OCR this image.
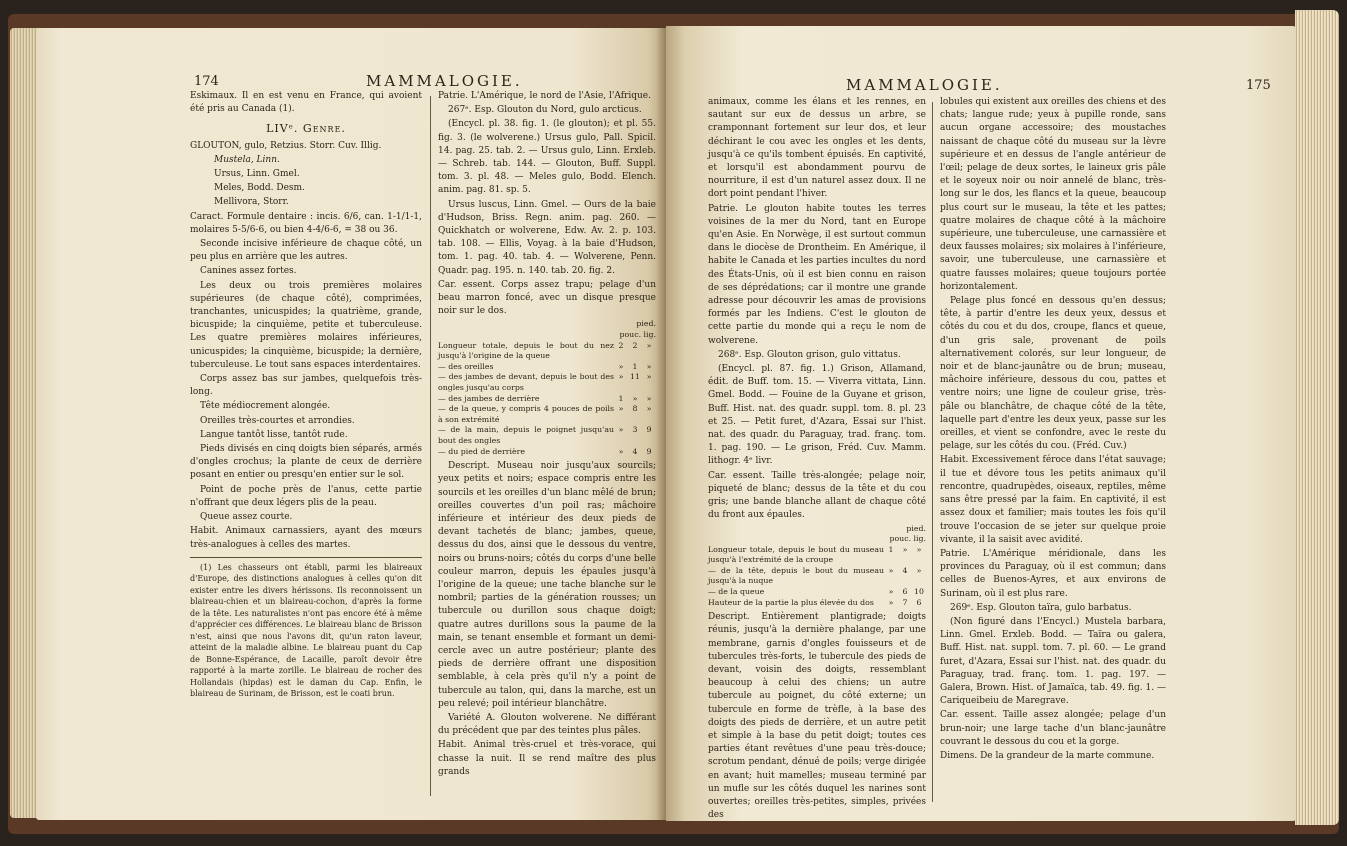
174	MAMMALOGIE.

Eskimaux. Il en est venu en France, qui avoient été pris au Canada (1).

LIVᵉ. Genre.

GLOUTON, gulo, Retzius. Storr. Cuv. Illig.

Mustela, Linn.

Ursus, Linn. Gmel.

Meles, Bodd. Desm.

Mellivora, Storr.

Caract. Formule dentaire : incis. 6/6, can. 1-1/1-1, molaires 5-5/6-6, ou bien 4-4/6-6, = 38 ou 36.

Seconde incisive inférieure de chaque côté, un peu plus en arrière que les autres.

Canines assez fortes.

Les deux ou trois premières molaires supérieures (de chaque côté), comprimées, tranchantes, unicuspides; la quatrième, grande, bicuspide; la cinquième, petite et tuberculeuse. Les quatre premières molaires inférieures, unicuspides; la cinquième, bicuspide; la dernière, tuberculeuse. Le tout sans espaces interdentaires.

Corps assez bas sur jambes, quelquefois très-long.

Tête médiocrement alongée.

Oreilles très-courtes et arrondies.

Langue tantôt lisse, tantôt rude.

Pieds divisés en cinq doigts bien séparés, armés d'ongles crochus; la plante de ceux de derrière posant en entier ou presqu'en entier sur le sol.

Point de poche près de l'anus, cette partie n'offrant que deux légers plis de la peau.

Queue assez courte.

Habit. Animaux carnassiers, ayant des mœurs très-analogues à celles des martes.

(1) Les chasseurs ont établi, parmi les blaireaux d'Europe, des distinctions analogues à celles qu'on dit exister entre les divers hérissons. Ils reconnoissent un blaireau-chien et un blaireau-cochon, d'après la forme de la tête. Les naturalistes n'ont pas encore été à même d'apprécier ces différences. Le blaireau blanc de Brisson n'est, ainsi que nous l'avons dit, qu'un raton laveur, atteint de la maladie albine. Le blaireau puant du Cap de Bonne-Espérance, de Lacaille, paroît devoir être rapporté à la marte zorille. Le blaireau de rocher des Hollandais (hipdas) est le daman du Cap. Enfin, le blaireau de Surinam, de Brisson, est le coati brun.

Patrie. L'Amérique, le nord de l'Asie, l'Afrique.

267ᵉ. Esp. Glouton du Nord, gulo arcticus.

(Encycl. pl. 38. fig. 1. (le glouton); et pl. 55. fig. 3. (le wolverene.) Ursus gulo, Pall. Spicil. 14. pag. 25. tab. 2. — Ursus gulo, Linn. Erxleb. — Schreb. tab. 144. — Glouton, Buff. Suppl. tom. 3. pl. 48. — Meles gulo, Bodd. Elench. anim. pag. 81. sp. 5.

Ursus luscus, Linn. Gmel. — Ours de la baie d'Hudson, Briss. Regn. anim. pag. 260. — Quickhatch or wolverene, Edw. Av. 2. p. 103. tab. 108. — Ellis, Voyag. à la baie d'Hudson, tom. 1. pag. 40. tab. 4. — Wolverene, Penn. Quadr. pag. 195. n. 140. tab. 20. fig. 2.

Car. essent. Corps assez trapu; pelage d'un beau marron foncé, avec un disque presque noir sur le dos.

	pied. pouc. lig.		
Longueur totale, depuis le bout du nez jusqu'à l'origine de la queue	2	2	»
— des oreilles	»	1	»
— des jambes de devant, depuis le bout des ongles jusqu'au corps	»	11	»
— des jambes de derrière	1	»	»
— de la queue, y compris 4 pouces de poils à son extrémité	»	8	»
— de la main, depuis le poignet jusqu'au bout des ongles	»	3	9
— du pied de derrière	»	4	9

Descript. Museau noir jusqu'aux sourcils; yeux petits et noirs; espace compris entre les sourcils et les oreilles d'un blanc mêlé de brun; oreilles couvertes d'un poil ras; mâchoire inférieure et intérieur des deux pieds de devant tachetés de blanc; jambes, queue, dessus du dos, ainsi que le dessous du ventre, noirs ou bruns-noirs; côtés du corps d'une belle couleur marron, depuis les épaules jusqu'à l'origine de la queue; une tache blanche sur le nombril; parties de la génération rousses; un tubercule ou durillon sous chaque doigt; quatre autres durillons sous la paume de la main, se tenant ensemble et formant un demi-cercle avec un autre postérieur; plante des pieds de derrière offrant une disposition semblable, à cela près qu'il n'y a point de tubercule au talon, qui, dans la marche, est un peu relevé; poil intérieur blanchâtre.

Variété A. Glouton wolverene. Ne différant du précédent que par des teintes plus pâles.

Habit. Animal très-cruel et très-vorace, qui chasse la nuit. Il se rend maître des plus grands

MAMMALOGIE.	175

animaux, comme les élans et les rennes, en sautant sur eux de dessus un arbre, se cramponnant fortement sur leur dos, et leur déchirant le cou avec les ongles et les dents, jusqu'à ce qu'ils tombent épuisés. En captivité, et lorsqu'il est abondamment pourvu de nourriture, il est d'un naturel assez doux. Il ne dort point pendant l'hiver.

Patrie. Le glouton habite toutes les terres voisines de la mer du Nord, tant en Europe qu'en Asie. En Norwège, il est surtout commun dans le diocèse de Drontheim. En Amérique, il habite le Canada et les parties incultes du nord des États-Unis, où il est bien connu en raison de ses déprédations; car il montre une grande adresse pour découvrir les amas de provisions formés par les Indiens. C'est le glouton de cette partie du monde qui a reçu le nom de wolverene.

268ᵉ. Esp. Glouton grison, gulo vittatus.

(Encycl. pl. 87. fig. 1.) Grison, Allamand, édit. de Buff. tom. 15. — Viverra vittata, Linn. Gmel. Bodd. — Fouine de la Guyane et grison, Buff. Hist. nat. des quadr. suppl. tom. 8. pl. 23 et 25. — Petit furet, d'Azara, Essai sur l'hist. nat. des quadr. du Paraguay, trad. franç. tom. 1. pag. 190. — Le grison, Fréd. Cuv. Mamm. lithogr. 4ᵉ livr.

Car. essent. Taille très-alongée; pelage noir, piqueté de blanc; dessus de la tête et du cou gris; une bande blanche allant de chaque côté du front aux épaules.

	pied. pouc. lig.		
Longueur totale, depuis le bout du museau jusqu'à l'extrémité de la croupe	1	»	»
— de la tête, depuis le bout du museau jusqu'à la nuque	»	4	»
— de la queue	»	6	10
Hauteur de la partie la plus élevée du dos	»	7	6

Descript. Entièrement plantigrade; doigts réunis, jusqu'à la dernière phalange, par une membrane, garnis d'ongles fouisseurs et de tubercules très-forts, le tubercule des pieds de devant, voisin des doigts, ressemblant beaucoup à celui des chiens; un autre tubercule au poignet, du côté externe; un tubercule en forme de trèfle, à la base des doigts des pieds de derrière, et un autre petit et simple à la base du petit doigt; toutes ces parties étant revêtues d'une peau très-douce; scrotum pendant, dénué de poils; verge dirigée en avant; huit mamelles; museau terminé par un mufle sur les côtés duquel les narines sont ouvertes; oreilles très-petites, simples, privées des

lobules qui existent aux oreilles des chiens et des chats; langue rude; yeux à pupille ronde, sans aucun organe accessoire; des moustaches naissant de chaque côté du museau sur la lèvre supérieure et en dessus de l'angle antérieur de l'œil; pelage de deux sortes, le laineux gris pâle et le soyeux noir ou noir annelé de blanc, très-long sur le dos, les flancs et la queue, beaucoup plus court sur le museau, la tête et les pattes; quatre molaires de chaque côté à la mâchoire supérieure, une tuberculeuse, une carnassière et deux fausses molaires; six molaires à l'inférieure, savoir, une tuberculeuse, une carnassière et quatre fausses molaires; queue toujours portée horizontalement.

Pelage plus foncé en dessous qu'en dessus; tête, à partir d'entre les deux yeux, dessus et côtés du cou et du dos, croupe, flancs et queue, d'un gris sale, provenant de poils alternativement colorés, sur leur longueur, de noir et de blanc-jaunâtre ou de brun; museau, mâchoire inférieure, dessous du cou, pattes et ventre noirs; une ligne de couleur grise, très-pâle ou blanchâtre, de chaque côté de la tête, laquelle part d'entre les deux yeux, passe sur les oreilles, et vient se confondre, avec le reste du pelage, sur les côtés du cou. (Fréd. Cuv.)

Habit. Excessivement féroce dans l'état sauvage; il tue et dévore tous les petits animaux qu'il rencontre, quadrupèdes, oiseaux, reptiles, même sans être pressé par la faim. En captivité, il est assez doux et familier; mais toutes les fois qu'il trouve l'occasion de se jeter sur quelque proie vivante, il la saisit avec avidité.

Patrie. L'Amérique méridionale, dans les provinces du Paraguay, où il est commun; dans celles de Buenos-Ayres, et aux environs de Surinam, où il est plus rare.

269ᵉ. Esp. Glouton taïra, gulo barbatus.

(Non figuré dans l'Encycl.) Mustela barbara, Linn. Gmel. Erxleb. Bodd. — Taïra ou galera, Buff. Hist. nat. suppl. tom. 7. pl. 60. — Le grand furet, d'Azara, Essai sur l'hist. nat. des quadr. du Paraguay, trad. franç. tom. 1. pag. 197. — Galera, Brown. Hist. of Jamaïca, tab. 49. fig. 1. — Cariqueibeiu de Maregrave.

Car. essent. Taille assez alongée; pelage d'un brun-noir; une large tache d'un blanc-jaunâtre couvrant le dessous du cou et la gorge.

Dimens. De la grandeur de la marte commune.
